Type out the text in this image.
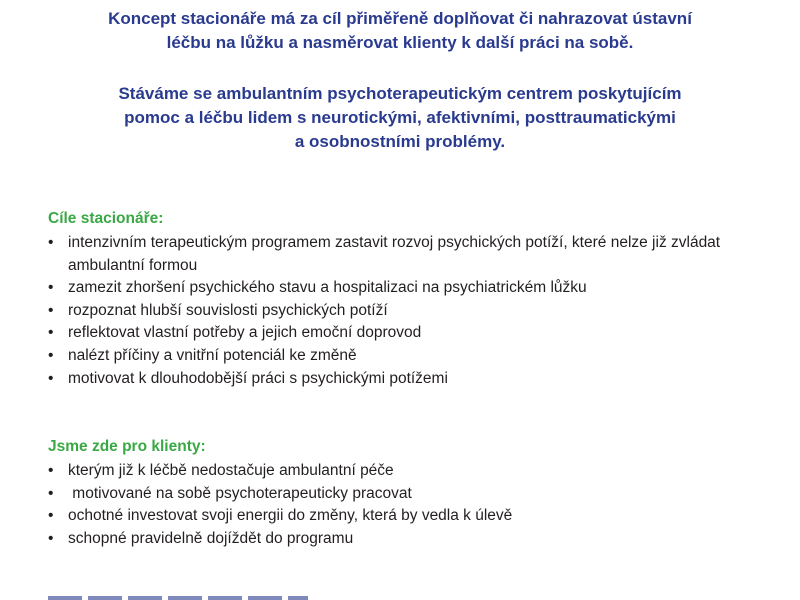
Koncept stacionáře má za cíl přiměřeně doplňovat či nahrazovat ústavní
léčbu na lůžku a nasměrovat klienty k další práci na sobě.

Stáváme se ambulantním psychoterapeutickým centrem poskytujícím
pomoc a léčbu lidem s neurotickými, afektivními, posttraumatickými
a osobnostními problémy.

Cíle stacionáře:
• intenzivním terapeutickým programem zastavit rozvoj psychických potíží, které nelze již zvládat ambulantní formou
• zamezit zhoršení psychického stavu a hospitalizaci na psychiatrickém lůžku
• rozpoznat hlubší souvislosti psychických potíží
• reflektovat vlastní potřeby a jejich emoční doprovod
• nalézt příčiny a vnitřní potenciál ke změně
• motivovat k dlouhodobější práci s psychickými potížemi
Jsme zde pro klienty:
• kterým již k léčbě nedostačuje ambulantní péče
• motivované na sobě psychoterapeuticky pracovat
• ochotné investovat svoji energii do změny, která by vedla k úlevě
• schopné pravidelně dojíždět do programu
